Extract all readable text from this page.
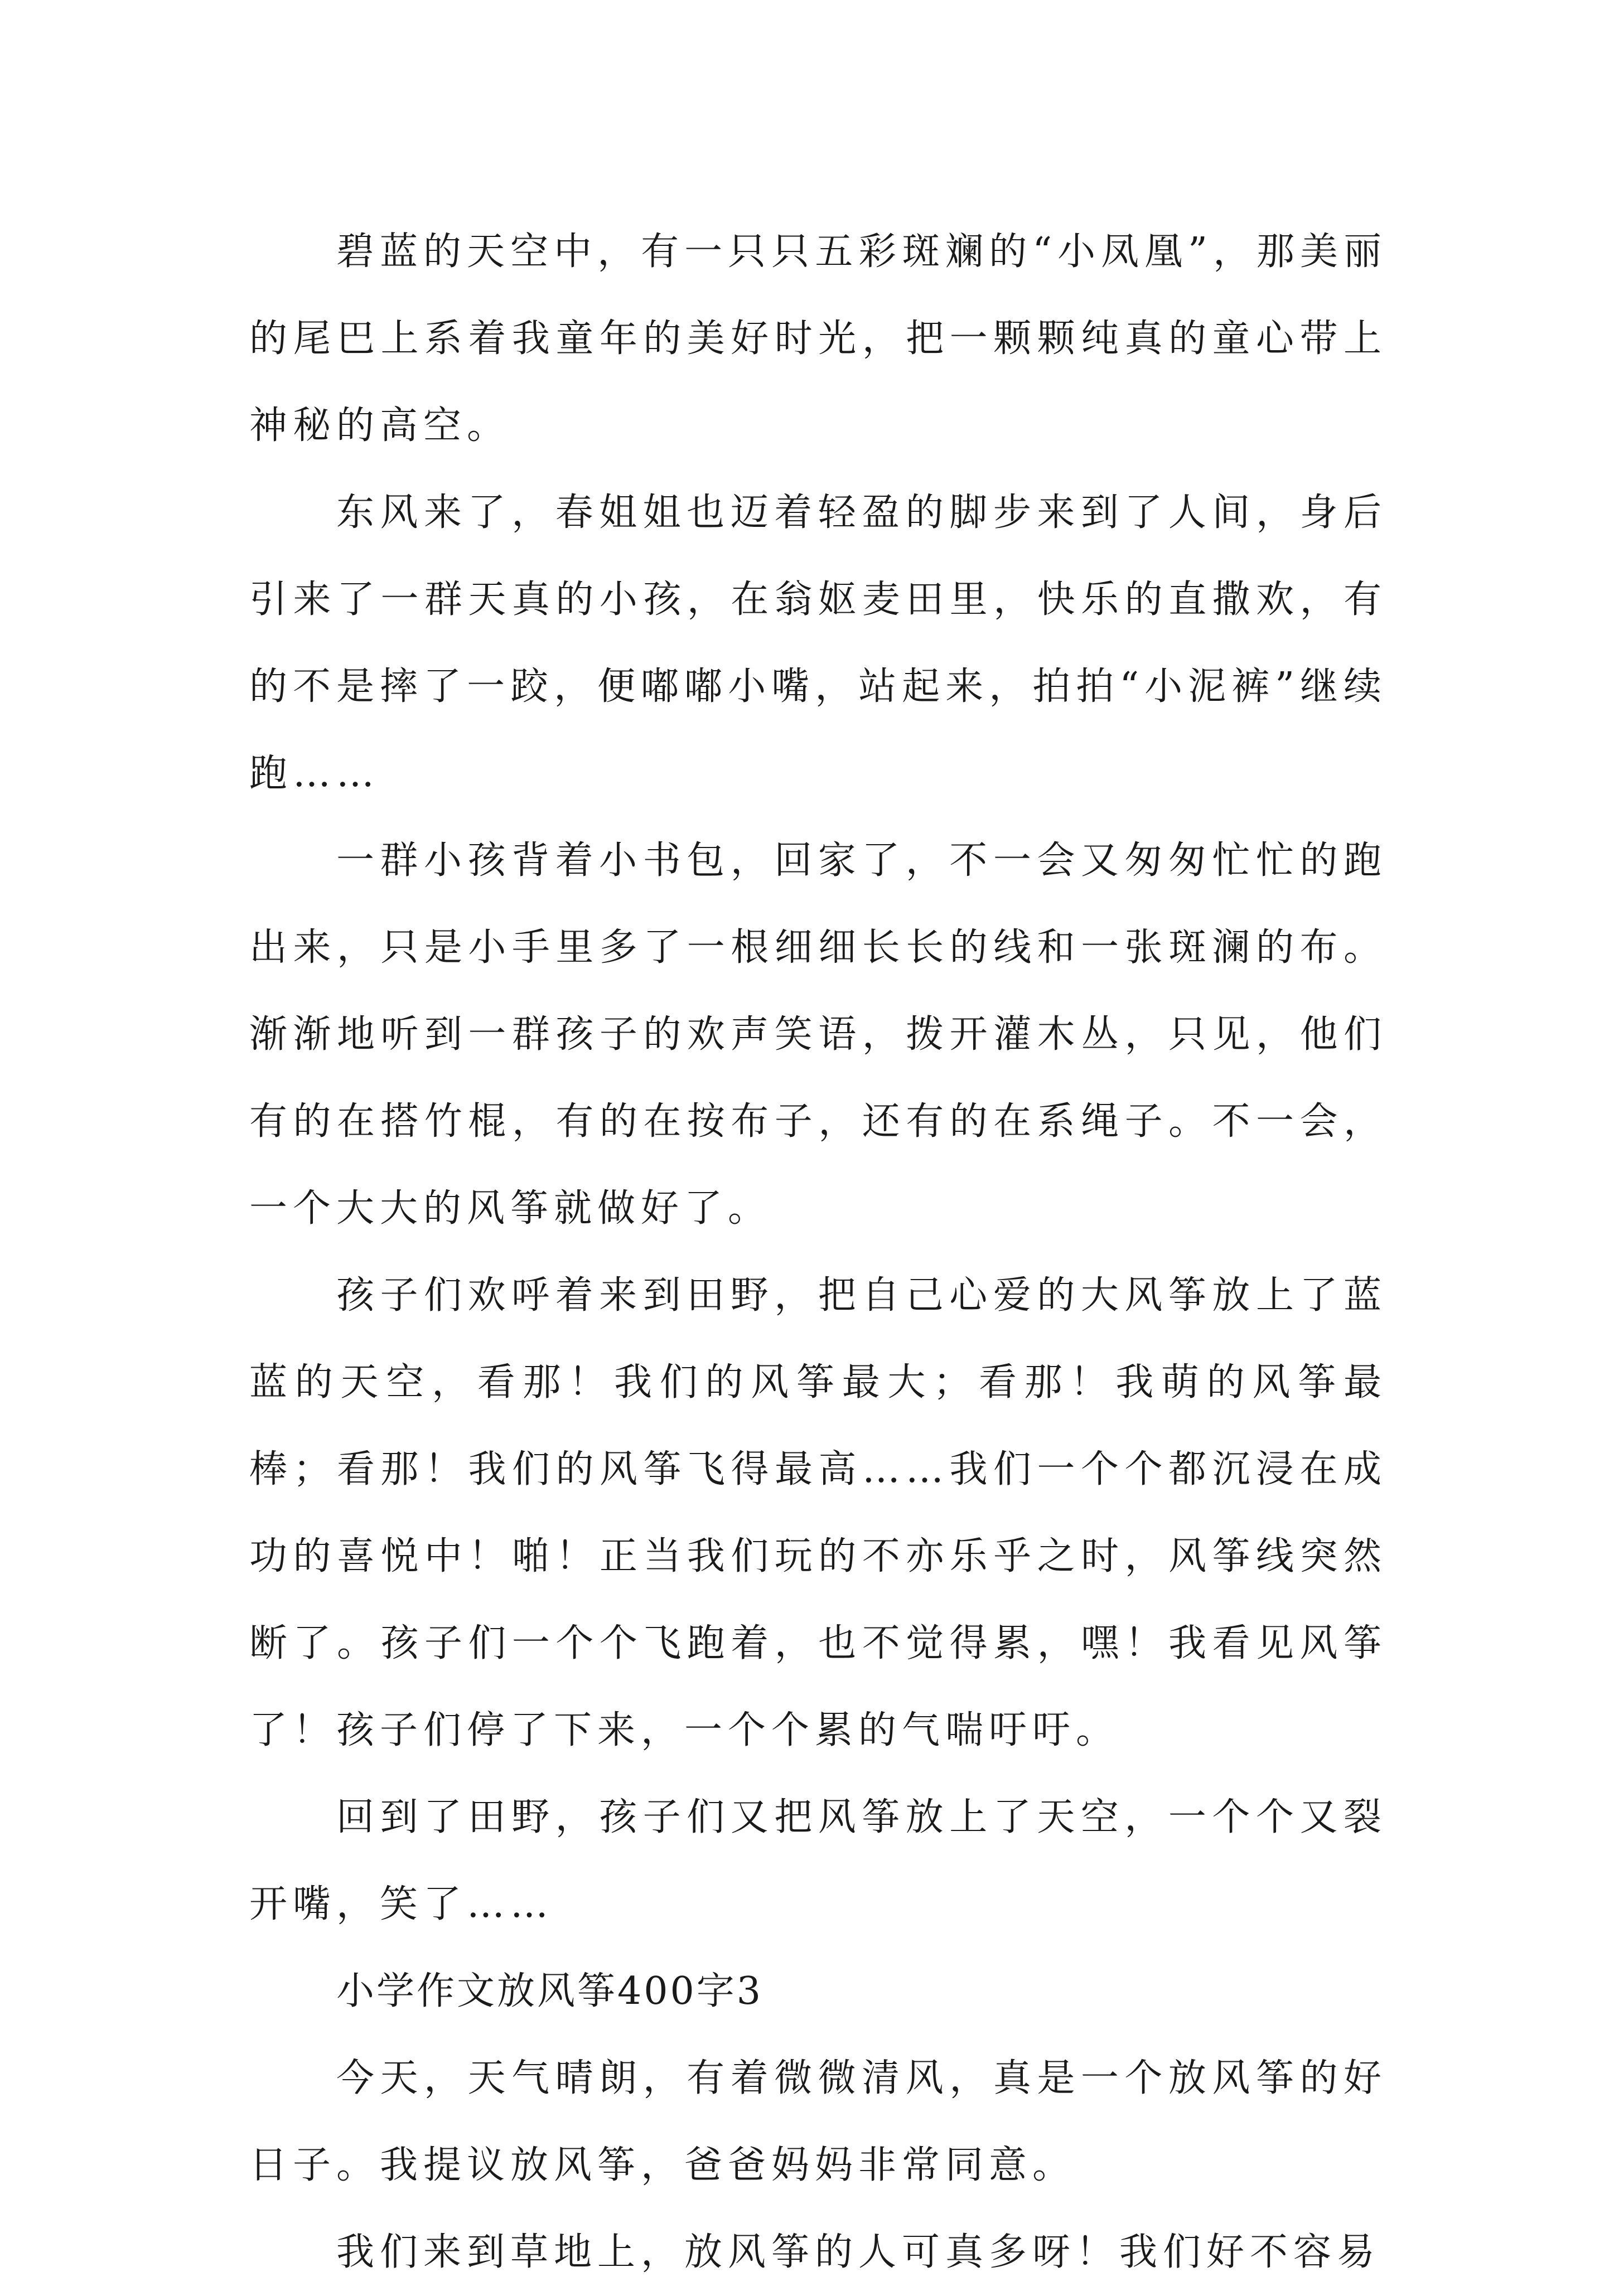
碧蓝的天空中，有一只只五彩斑斓的“小凤凰”，那美丽的尾巴上系着我童年的美好时光，把一颗颗纯真的童心带上神秘的高空。

东风来了，春姐姐也迈着轻盈的脚步来到了人间，身后引来了一群天真的小孩，在翁妪麦田里，快乐的直撒欢，有的不是摔了一跤，便嘟嘟小嘴，站起来，拍拍“小泥裤”继续跑……

一群小孩背着小书包，回家了，不一会又匆匆忙忙的跑出来，只是小手里多了一根细细长长的线和一张斑澜的布。渐渐地听到一群孩子的欢声笑语，拨开灌木丛，只见，他们有的在搭竹棍，有的在按布子，还有的在系绳子。不一会，一个大大的风筝就做好了。

孩子们欢呼着来到田野，把自己心爱的大风筝放上了蓝蓝的天空，看那！我们的风筝最大；看那！我萌的风筝最棒；看那！我们的风筝飞得最高……我们一个个都沉浸在成功的喜悦中！啪！正当我们玩的不亦乐乎之时，风筝线突然断了。孩子们一个个飞跑着，也不觉得累，嘿！我看见风筝了！孩子们停了下来，一个个累的气喘吁吁。

回到了田野，孩子们又把风筝放上了天空，一个个又裂开嘴，笑了……

小学作文放风筝400字3

今天，天气晴朗，有着微微清风，真是一个放风筝的好日子。我提议放风筝，爸爸妈妈非常同意。

我们来到草地上，放风筝的人可真多呀！我们好不容易
